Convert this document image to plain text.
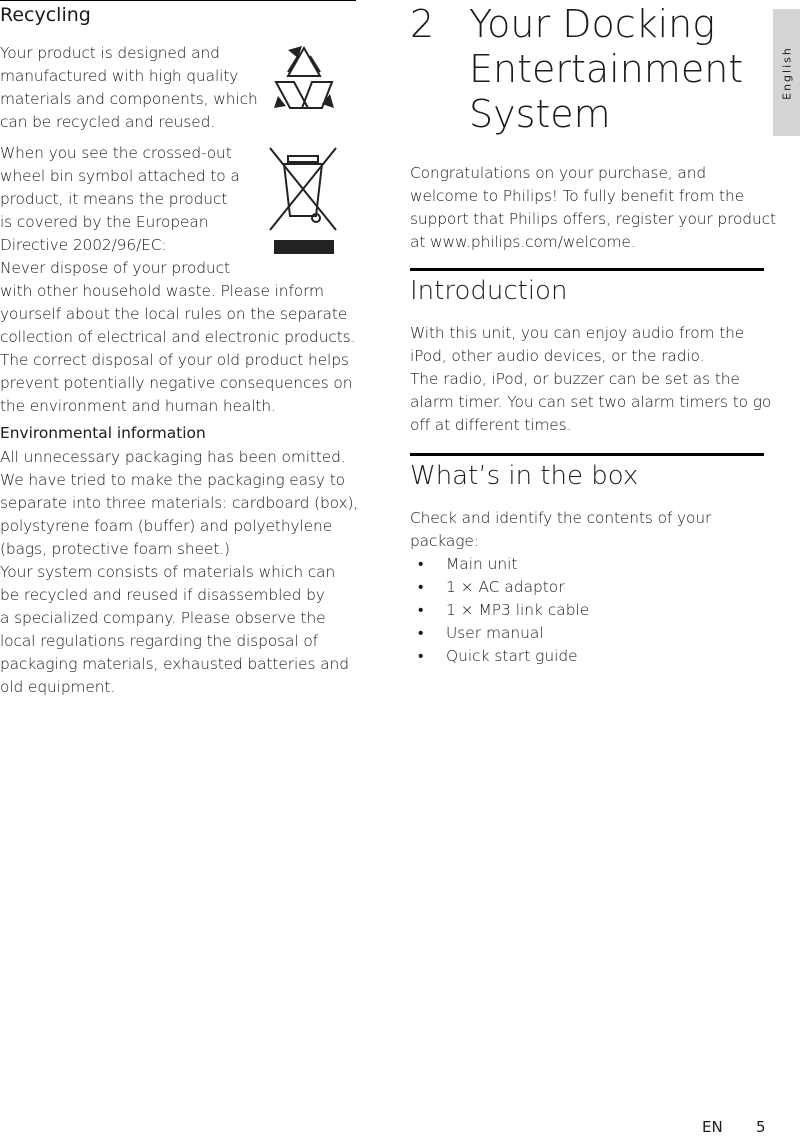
Recycling

Your product is designed and
manufactured with high quality
materials and components, which
can be recycled and reused.

When you see the crossed-out
wheel bin symbol attached to a
product, it means the product
is covered by the European
Directive 2002/96/EC:
Never dispose of your product
with other household waste. Please inform
yourself about the local rules on the separate
collection of electrical and electronic products.
The correct disposal of your old product helps
prevent potentially negative consequences on
the environment and human health.

Environmental information

All unnecessary packaging has been omitted.
We have tried to make the packaging easy to
separate into three materials: cardboard (box),
polystyrene foam (buffer) and polyethylene
(bags, protective foam sheet.)
Your system consists of materials which can
be recycled and reused if disassembled by
a specialized company. Please observe the
local regulations regarding the disposal of
packaging materials, exhausted batteries and
old equipment.

2 Your Docking
Entertainment
System

Congratulations on your purchase, and
welcome to Philips! To fully benefit from the
support that Philips offers, register your product
at www.philips.com/welcome.

Introduction

With this unit, you can enjoy audio from the
iPod, other audio devices, or the radio.
The radio, iPod, or buzzer can be set as the
alarm timer. You can set two alarm timers to go
off at different times.

What’s in the box

Check and identify the contents of your
package:

• Main unit
• 1 × AC adaptor
• 1 × MP3 link cable
• User manual
• Quick start guide
English
EN 5
